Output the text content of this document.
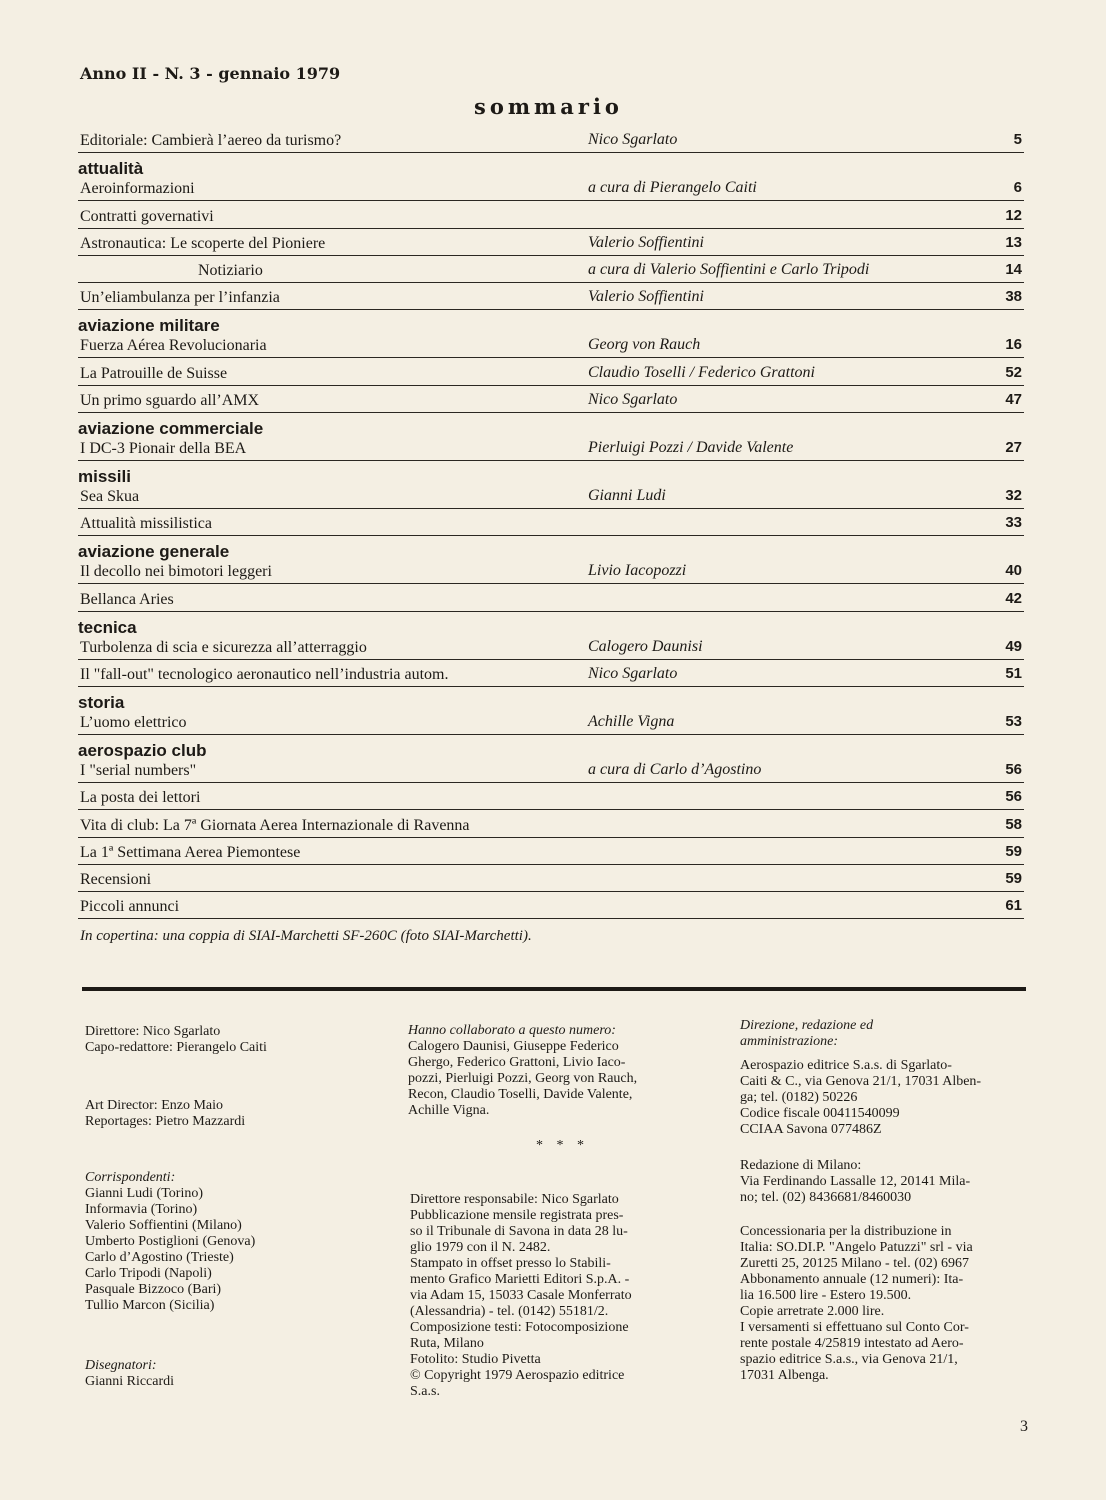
Anno II - N. 3 - gennaio 1979
sommario
Editoriale: Cambierà l’aereo da turismo?	Nico Sgarlato	5
attualità
Aeroinformazioni	a cura di Pierangelo Caiti	6
Contratti governativi	12
Astronautica: Le scoperte del Pioniere	Valerio Soffientini	13
Notiziario	a cura di Valerio Soffientini e Carlo Tripodi	14
Un’eliambulanza per l’infanzia	Valerio Soffientini	38
aviazione militare
Fuerza Aérea Revolucionaria	Georg von Rauch	16
La Patrouille de Suisse	Claudio Toselli / Federico Grattoni	52
Un primo sguardo all’AMX	Nico Sgarlato	47
aviazione commerciale
I DC-3 Pionair della BEA	Pierluigi Pozzi / Davide Valente	27
missili
Sea Skua	Gianni Ludi	32
Attualità missilistica	33
aviazione generale
Il decollo nei bimotori leggeri	Livio Iacopozzi	40
Bellanca Aries	42
tecnica
Turbolenza di scia e sicurezza all’atterraggio	Calogero Daunisi	49
Il "fall-out" tecnologico aeronautico nell’industria autom.	Nico Sgarlato	51
storia
L’uomo elettrico	Achille Vigna	53
aerospazio club
I "serial numbers"	a cura di Carlo d’Agostino	56
La posta dei lettori	56
Vita di club: La 7ª Giornata Aerea Internazionale di Ravenna	58
La 1ª Settimana Aerea Piemontese	59
Recensioni	59
Piccoli annunci	61
In copertina: una coppia di SIAI-Marchetti SF-260C (foto SIAI-Marchetti).
Direttore: Nico Sgarlato
Capo-redattore: Pierangelo Caiti
Art Director: Enzo Maio
Reportages: Pietro Mazzardi
Corrispondenti:
Gianni Ludi (Torino)
Informavia (Torino)
Valerio Soffientini (Milano)
Umberto Postiglioni (Genova)
Carlo d’Agostino (Trieste)
Carlo Tripodi (Napoli)
Pasquale Bizzoco (Bari)
Tullio Marcon (Sicilia)
Disegnatori:
Gianni Riccardi
Hanno collaborato a questo numero:
Calogero Daunisi, Giuseppe Federico
Ghergo, Federico Grattoni, Livio Iaco-
pozzi, Pierluigi Pozzi, Georg von Rauch,
Recon, Claudio Toselli, Davide Valente,
Achille Vigna.
* * *
Direttore responsabile: Nico Sgarlato
Pubblicazione mensile registrata pres-
so il Tribunale di Savona in data 28 lu-
glio 1979 con il N. 2482.
Stampato in offset presso lo Stabili-
mento Grafico Marietti Editori S.p.A. -
via Adam 15, 15033 Casale Monferrato
(Alessandria) - tel. (0142) 55181/2.
Composizione testi: Fotocomposizione
Ruta, Milano
Fotolito: Studio Pivetta
© Copyright 1979 Aerospazio editrice
S.a.s.
Direzione, redazione ed
amministrazione:
Aerospazio editrice S.a.s. di Sgarlato-
Caiti & C., via Genova 21/1, 17031 Alben-
ga; tel. (0182) 50226
Codice fiscale 00411540099
CCIAA Savona 077486Z
Redazione di Milano:
Via Ferdinando Lassalle 12, 20141 Mila-
no; tel. (02) 8436681/8460030
Concessionaria per la distribuzione in
Italia: SO.DI.P. "Angelo Patuzzi" srl - via
Zuretti 25, 20125 Milano - tel. (02) 6967
Abbonamento annuale (12 numeri): Ita-
lia 16.500 lire - Estero 19.500.
Copie arretrate 2.000 lire.
I versamenti si effettuano sul Conto Cor-
rente postale 4/25819 intestato ad Aero-
spazio editrice S.a.s., via Genova 21/1,
17031 Albenga.
3
